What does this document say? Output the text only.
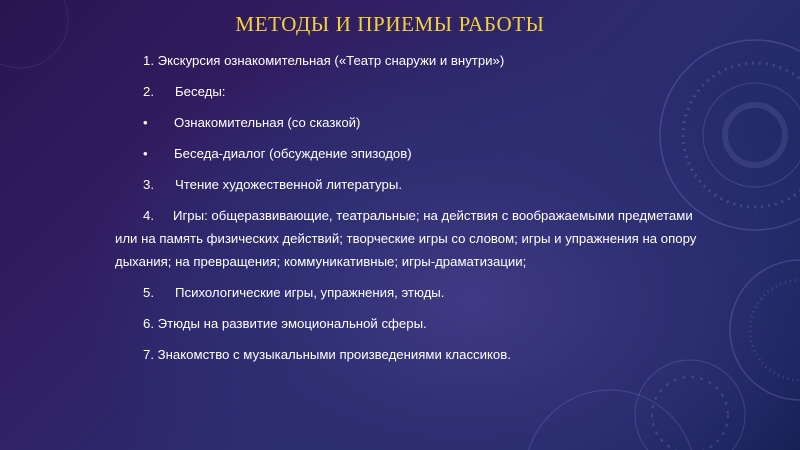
МЕТОДЫ И ПРИЕМЫ РАБОТЫ

1. Экскурсия ознакомительная («Театр снаружи и внутри»)

2. Беседы:

• Ознакомительная (со сказкой)

• Беседа-диалог (обсуждение эпизодов)

3. Чтение художественной литературы.

4. Игры: общеразвивающие, театральные; на действия с воображаемыми предметами или на память физических действий; творческие игры со словом; игры и упражнения на опору дыхания; на превращения; коммуникативные; игры-драматизации;

5. Психологические игры, упражнения, этюды.

6. Этюды на развитие эмоциональной сферы.

7. Знакомство с музыкальными произведениями классиков.
